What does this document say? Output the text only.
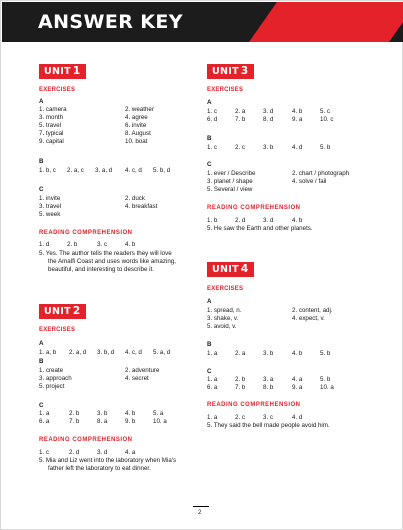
ANSWER KEY
UNIT 1
EXERCISES
A
1. camera	2. weather
3. month	4. agree
5. travel	6. invite
7. typical	8. August
9. capital	10. boat
B
1. b, c 2. a, c 3. a, d 4. c, d 5. b, d
C
1. invite	2. duck
3. travel	4. breakfast
5. week
READING COMPREHENSION
1. d	2. b	3. c	4. b
5. Yes. The author tells the readers they will love
the Amalfi Coast and uses words like amazing,
beautiful, and interesting to describe it.
UNIT 2
EXERCISES
A
1. a, b 2. a, d 3. b, d 4. c, d 5. a, d
B
1. create	2. adventure
3. approach	4. secret
5. project
C
1. a	2. b	3. b	4. b	5. a
6. a	7. b	8. a	9. b	10. a
READING COMPREHENSION
1. c	2. d	3. d	4. a
5. Mia and Liz went into the laboratory when Mia's
father left the laboratory to eat dinner.
UNIT 3
EXERCISES
A
1. c	2. a	3. d	4. b	5. c
6. d	7. b	8. d	9. a	10. c
B
1. c	2. c	3. b	4. d	5. b
C
1. ever / Describe	2. chart / photograph
3. planet / shape	4. solve / fail
5. Several / view
READING COMPREHENSION
1. b	2. d	3. d	4. b
5. He saw the Earth and other planets.
UNIT 4
EXERCISES
A
1. spread, n.	2. content, adj.
3. shake, v.	4. expect, v.
5. avoid, v.
B
1. a	2. a	3. b	4. b	5. b
C
1. a	2. b	3. a	4. a	5. b
6. a	7. b	8. b	9. a	10. a
READING COMPREHENSION
1. a	2. c	3. c	4. d
5. They said the bell made people avoid him.
2
